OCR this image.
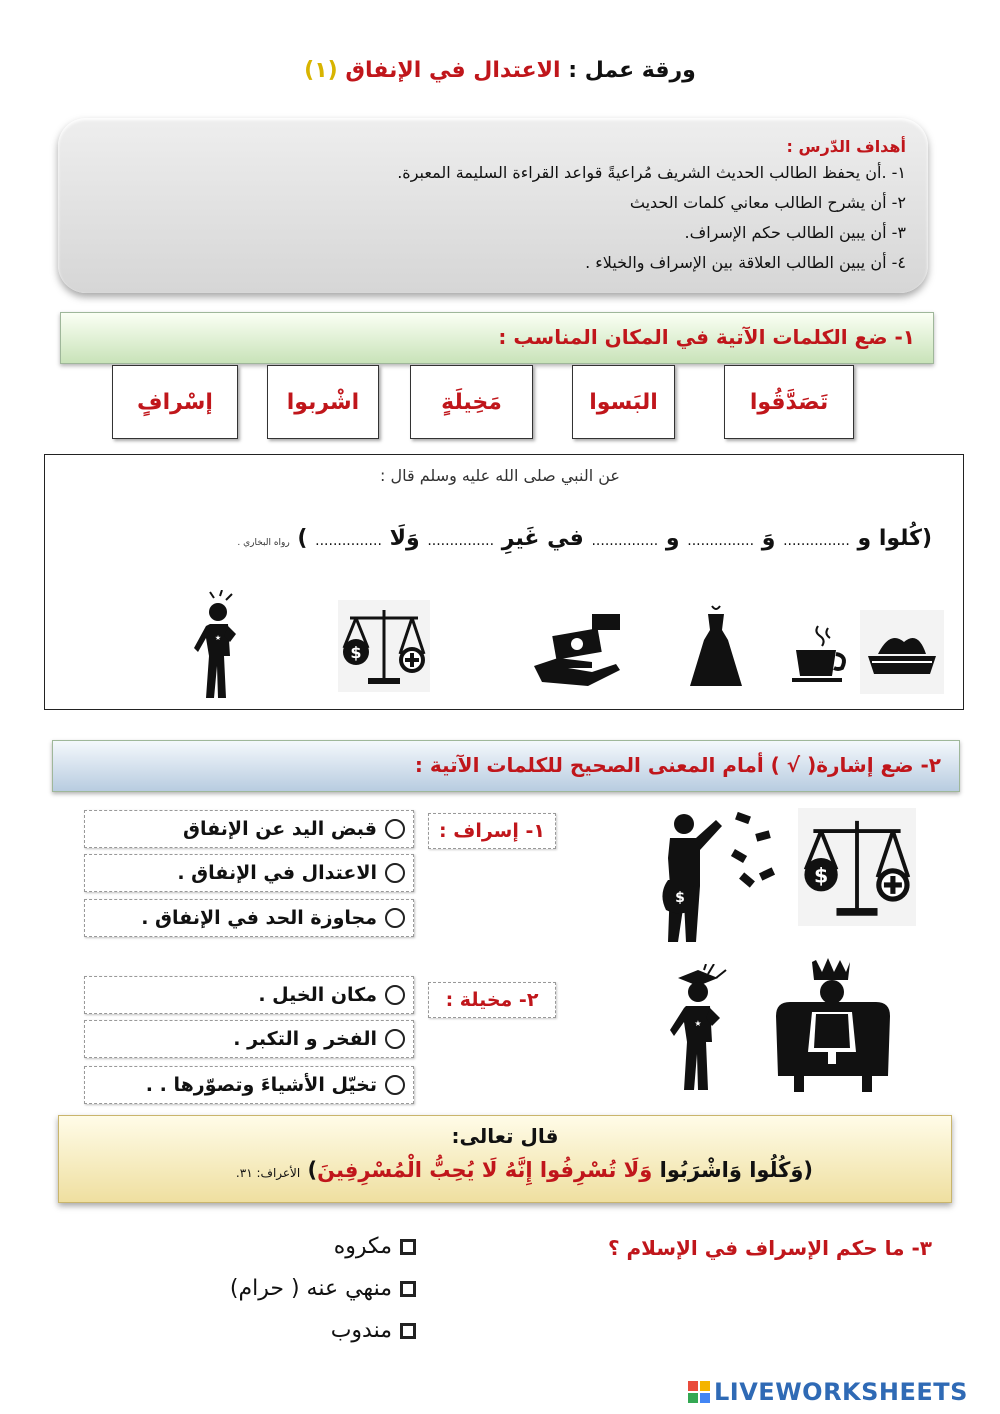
ورقة عمل : الاعتدال في الإنفاق (١)
أهداف الدّرس :
١- .أن يحفظ الطالب الحديث الشريف مُراعيةً قواعد القراءة السليمة المعبرة.
٢- أن يشرح الطالب معاني كلمات الحديث
٣- أن يبين الطالب حكم الإسراف.
٤- أن يبين الطالب العلاقة بين الإسراف والخيلاء .
١- ضع الكلمات الآتية في المكان المناسب :
تَصَدَّقُوا
البَسوا
مَخِيلَةٍ
اشْربوا
إسْرافٍ
عن النبي صلى الله عليه وسلم قال :
(كُلوا و ............... وَ ............... و ............... في غَيرِ ............... وَلَا ............... ) رواه البخاري .
★
$
٢- ضع إشارة( √ ) أمام المعنى الصحيح للكلمات الآتية :
١- إسراف :
قبض اليد عن الإنفاق
الاعتدال في الإنفاق .
مجاوزة الحد في الإنفاق .
٢- مخيلة :
مكان الخيل .
الفخر و التكبر .
تخيّل الأشياءَ وتصوّرها . .
$
$
★
قال تعالى:
(وَكُلُوا وَاشْرَبُوا وَلَا تُسْرِفُوا إِنَّهُ لَا يُحِبُّ الْمُسْرِفِينَ) الأعراف: ٣١.
٣- ما حكم الإسراف في الإسلام ؟
مكروه
منهي عنه ( حرام)
مندوب
LIVEWORKSHEETS
